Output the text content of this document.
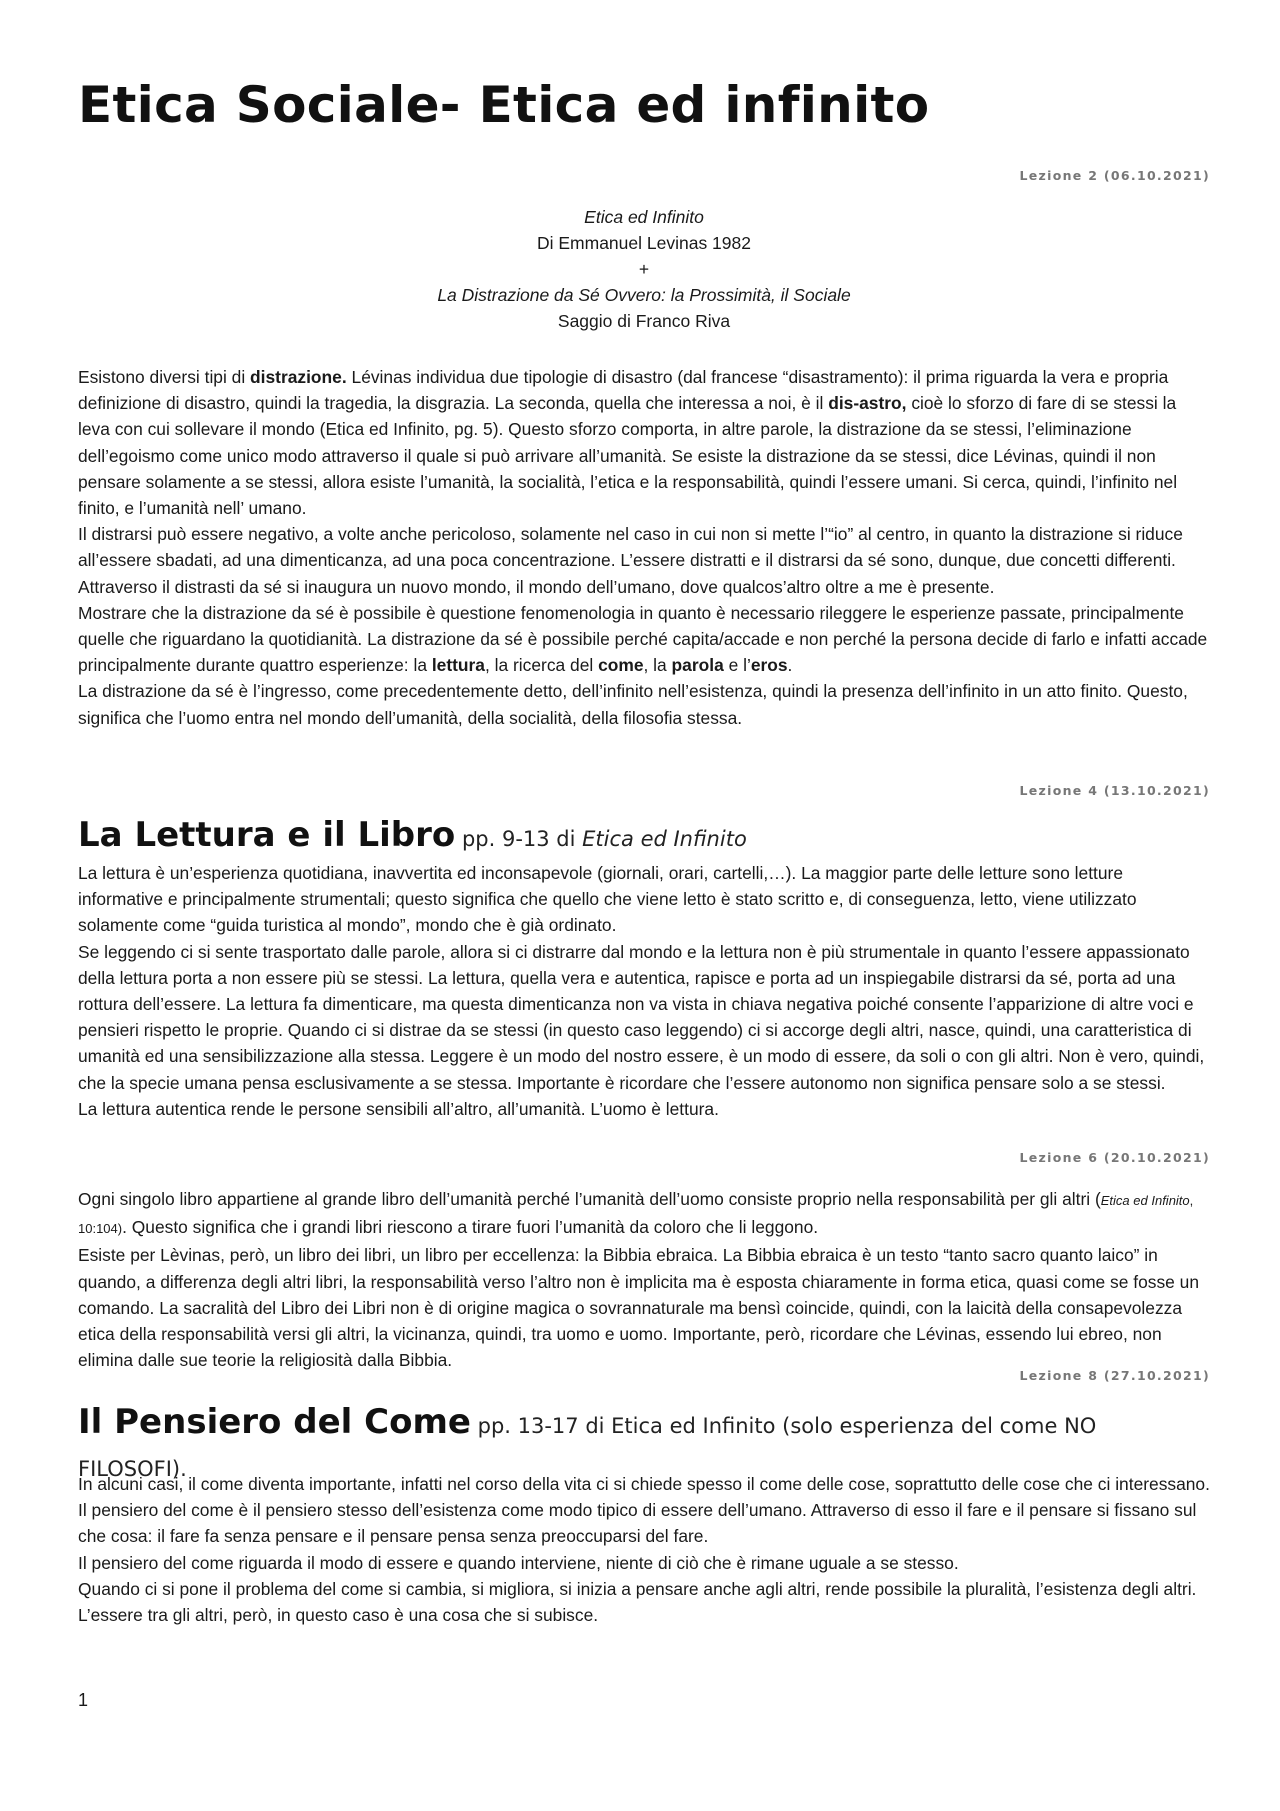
Etica Sociale- Etica ed infinito
Lezione 2 (06.10.2021)
Etica ed Infinito
Di Emmanuel Levinas 1982
+
La Distrazione da Sé Ovvero: la Prossimità, il Sociale
Saggio di Franco Riva

Esistono diversi tipi di distrazione. Lévinas individua due tipologie di disastro (dal francese “disastramento): il prima riguarda la vera e propria definizione di disastro, quindi la tragedia, la disgrazia. La seconda, quella che interessa a noi, è il dis-astro, cioè lo sforzo di fare di se stessi la leva con cui sollevare il mondo (Etica ed Infinito, pg. 5). Questo sforzo comporta, in altre parole, la distrazione da se stessi, l’eliminazione dell’egoismo come unico modo attraverso il quale si può arrivare all’umanità. Se esiste la distrazione da se stessi, dice Lévinas, quindi il non pensare solamente a se stessi, allora esiste l’umanità, la socialità, l’etica e la responsabilità, quindi l’essere umani. Si cerca, quindi, l’infinito nel finito, e l’umanità nell’ umano.

Il distrarsi può essere negativo, a volte anche pericoloso, solamente nel caso in cui non si mette l’“io” al centro, in quanto la distrazione si riduce all’essere sbadati, ad una dimenticanza, ad una poca concentrazione. L’essere distratti e il distrarsi da sé sono, dunque, due concetti differenti.

Attraverso il distrasti da sé si inaugura un nuovo mondo, il mondo dell’umano, dove qualcos’altro oltre a me è presente.

Mostrare che la distrazione da sé è possibile è questione fenomenologia in quanto è necessario rileggere le esperienze passate, principalmente quelle che riguardano la quotidianità. La distrazione da sé è possibile perché capita/accade e non perché la persona decide di farlo e infatti accade principalmente durante quattro esperienze: la lettura, la ricerca del come, la parola e l’eros.

La distrazione da sé è l’ingresso, come precedentemente detto, dell’infinito nell’esistenza, quindi la presenza dell’infinito in un atto finito. Questo, significa che l’uomo entra nel mondo dell’umanità, della socialità, della filosofia stessa.

Lezione 4 (13.10.2021)
La Lettura e il Libro pp. 9-13 di Etica ed Infinito

La lettura è un’esperienza quotidiana, inavvertita ed inconsapevole (giornali, orari, cartelli,…). La maggior parte delle letture sono letture informative e principalmente strumentali; questo significa che quello che viene letto è stato scritto e, di conseguenza, letto, viene utilizzato solamente come “guida turistica al mondo”, mondo che è già ordinato.

Se leggendo ci si sente trasportato dalle parole, allora si ci distrarre dal mondo e la lettura non è più strumentale in quanto l’essere appassionato della lettura porta a non essere più se stessi. La lettura, quella vera e autentica, rapisce e porta ad un inspiegabile distrarsi da sé, porta ad una rottura dell’essere. La lettura fa dimenticare, ma questa dimenticanza non va vista in chiava negativa poiché consente l’apparizione di altre voci e pensieri rispetto le proprie. Quando ci si distrae da se stessi (in questo caso leggendo) ci si accorge degli altri, nasce, quindi, una caratteristica di umanità ed una sensibilizzazione alla stessa. Leggere è un modo del nostro essere, è un modo di essere, da soli o con gli altri. Non è vero, quindi, che la specie umana pensa esclusivamente a se stessa. Importante è ricordare che l’essere autonomo non significa pensare solo a se stessi.

La lettura autentica rende le persone sensibili all’altro, all’umanità. L’uomo è lettura.

Lezione 6 (20.10.2021)

Ogni singolo libro appartiene al grande libro dell’umanità perché l’umanità dell’uomo consiste proprio nella responsabilità per gli altri (Etica ed Infinito, 10:104). Questo significa che i grandi libri riescono a tirare fuori l’umanità da coloro che li leggono.

Esiste per Lèvinas, però, un libro dei libri, un libro per eccellenza: la Bibbia ebraica. La Bibbia ebraica è un testo “tanto sacro quanto laico” in quando, a differenza degli altri libri, la responsabilità verso l’altro non è implicita ma è esposta chiaramente in forma etica, quasi come se fosse un comando. La sacralità del Libro dei Libri non è di origine magica o sovrannaturale ma bensì coincide, quindi, con la laicità della consapevolezza etica della responsabilità versi gli altri, la vicinanza, quindi, tra uomo e uomo. Importante, però, ricordare che Lévinas, essendo lui ebreo, non elimina dalle sue teorie la religiosità dalla Bibbia.

Lezione 8 (27.10.2021)
Il Pensiero del Come pp. 13-17 di Etica ed Infinito (solo esperienza del come NO FILOSOFI).

In alcuni casi, il come diventa importante, infatti nel corso della vita ci si chiede spesso il come delle cose, soprattutto delle cose che ci interessano.

Il pensiero del come è il pensiero stesso dell’esistenza come modo tipico di essere dell’umano. Attraverso di esso il fare e il pensare si fissano sul che cosa: il fare fa senza pensare e il pensare pensa senza preoccuparsi del fare.

Il pensiero del come riguarda il modo di essere e quando interviene, niente di ciò che è rimane uguale a se stesso.

Quando ci si pone il problema del come si cambia, si migliora, si inizia a pensare anche agli altri, rende possibile la pluralità, l’esistenza degli altri. L’essere tra gli altri, però, in questo caso è una cosa che si subisce.

1
